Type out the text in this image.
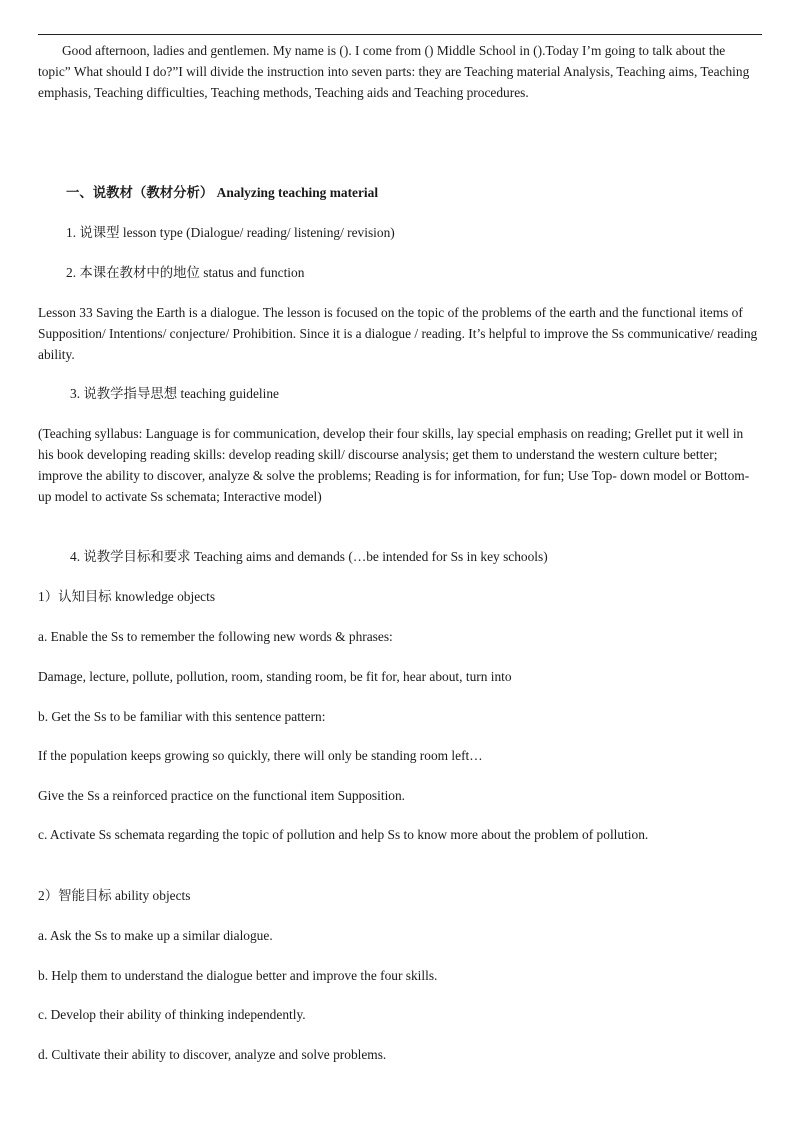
Good afternoon, ladies and gentlemen. My name is (). I come from () Middle School in ().Today I’m going to talk about the topic” What should I do?”I will divide the instruction into seven parts: they are Teaching material Analysis, Teaching aims, Teaching emphasis, Teaching difficulties, Teaching methods, Teaching aids and Teaching procedures.

一、说教材（教材分析） Analyzing teaching material

1. 说课型 lesson type (Dialogue/ reading/ listening/ revision)

2. 本课在教材中的地位 status and function

Lesson 33 Saving the Earth is a dialogue. The lesson is focused on the topic of the problems of the earth and the functional items of Supposition/ Intentions/ conjecture/ Prohibition. Since it is a dialogue / reading. It’s helpful to improve the Ss communicative/ reading ability.

3. 说教学指导思想 teaching guideline

(Teaching syllabus: Language is for communication, develop their four skills, lay special emphasis on reading; Grellet put it well in his book developing reading skills: develop reading skill/ discourse analysis; get them to understand the western culture better; improve the ability to discover, analyze & solve the problems; Reading is for information, for fun; Use Top- down model or Bottom- up model to activate Ss schemata; Interactive model)

4. 说教学目标和要求 Teaching aims and demands (…be intended for Ss in key schools)

1）认知目标 knowledge objects

a. Enable the Ss to remember the following new words & phrases:

Damage, lecture, pollute, pollution, room, standing room, be fit for, hear about, turn into

b. Get the Ss to be familiar with this sentence pattern:

If the population keeps growing so quickly, there will only be standing room left…

Give the Ss a reinforced practice on the functional item Supposition.

c. Activate Ss schemata regarding the topic of pollution and help Ss to know more about the problem of pollution.

2）智能目标 ability objects

a. Ask the Ss to make up a similar dialogue.

b. Help them to understand the dialogue better and improve the four skills.

c. Develop their ability of thinking independently.

d. Cultivate their ability to discover, analyze and solve problems.
